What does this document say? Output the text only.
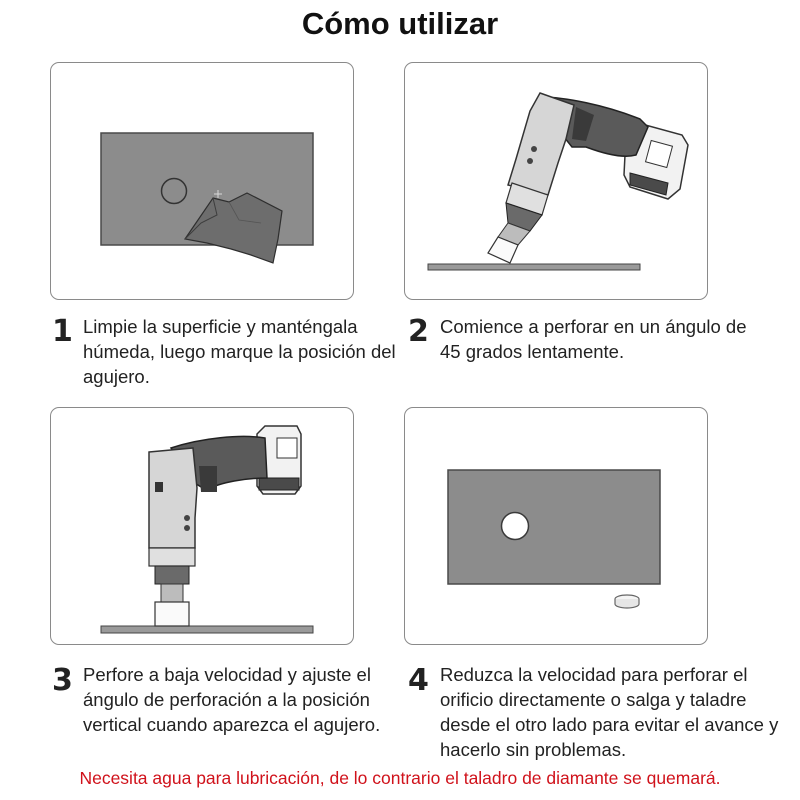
Cómo utilizar
1 Limpie la superficie y manténgala húmeda, luego marque la posición del agujero.
2 Comience a perforar en un ángulo de 45 grados lentamente.
3 Perfore a baja velocidad y ajuste el ángulo de perforación a la posición vertical cuando aparezca el agujero.
4 Reduzca la velocidad para perforar el orificio directamente o salga y taladre desde el otro lado para evitar el avance y hacerlo sin problemas.
Necesita agua para lubricación, de lo contrario el taladro de diamante se quemará.
